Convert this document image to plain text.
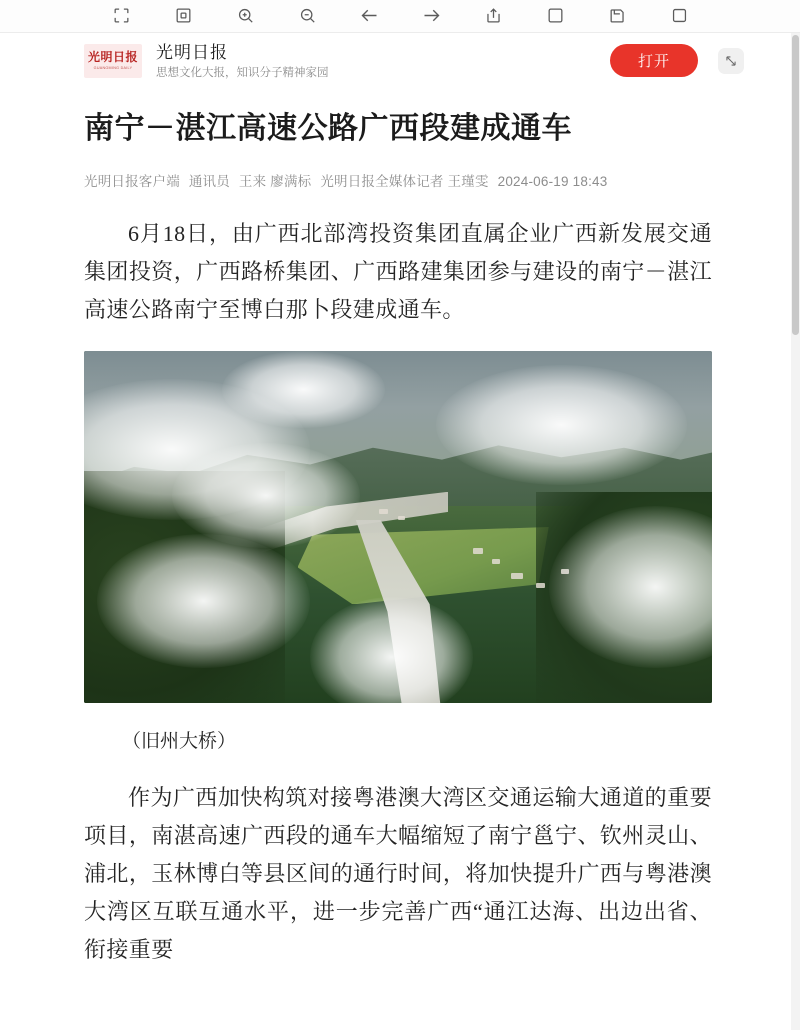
光明日报
GUANGMING DAILY
光明日报
思想文化大报，知识分子精神家园
打开
南宁－湛江高速公路广西段建成通车
光明日报客户端 通讯员 王来 廖满标 光明日报全媒体记者 王瑾雯 2024-06-19 18:43

6月18日，由广西北部湾投资集团直属企业广西新发展交通集团投资，广西路桥集团、广西路建集团参与建设的南宁－湛江高速公路南宁至博白那卜段建成通车。

（旧州大桥）

作为广西加快构筑对接粤港澳大湾区交通运输大通道的重要项目，南湛高速广西段的通车大幅缩短了南宁邕宁、钦州灵山、浦北，玉林博白等县区间的通行时间，将加快提升广西与粤港澳大湾区互联互通水平，进一步完善广西“通江达海、出边出省、衔接重要
